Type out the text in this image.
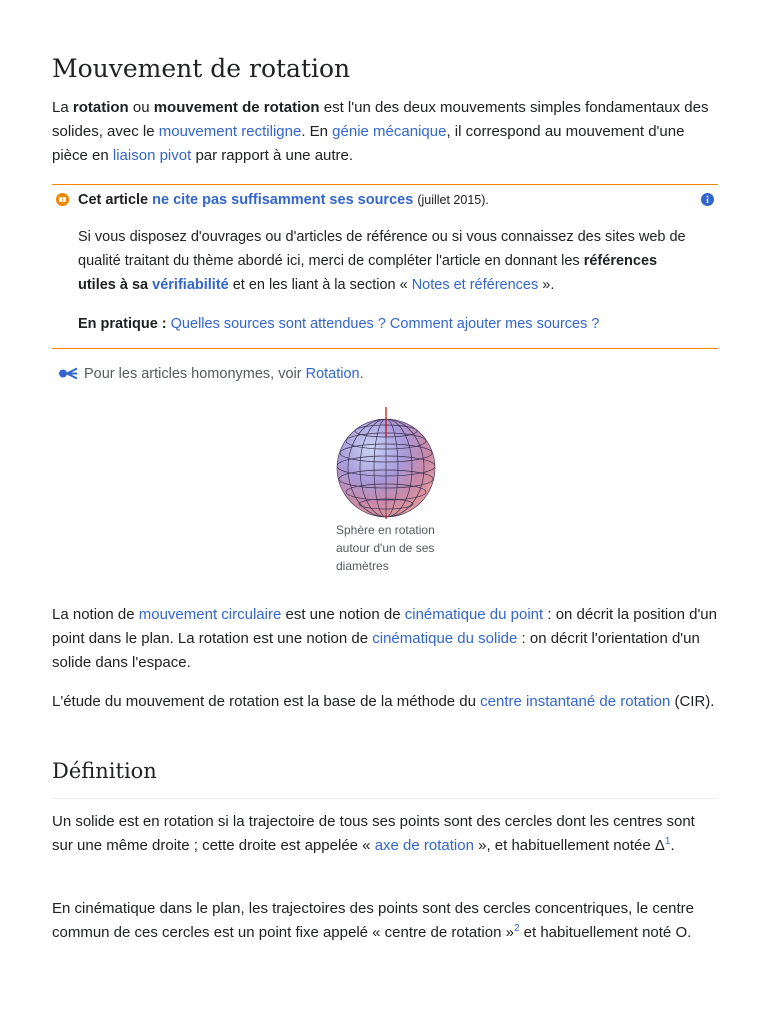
Mouvement de rotation

La rotation ou mouvement de rotation est l'un des deux mouvements simples fondamentaux des solides, avec le mouvement rectiligne. En génie mécanique, il correspond au mouvement d'une pièce en liaison pivot par rapport à une autre.

Cet article ne cite pas suffisamment ses sources (juillet 2015).
Si vous disposez d'ouvrages ou d'articles de référence ou si vous connaissez des sites web de qualité traitant du thème abordé ici, merci de compléter l'article en donnant les références utiles à sa vérifiabilité et en les liant à la section « Notes et références ».
En pratique : Quelles sources sont attendues ? Comment ajouter mes sources ?
Pour les articles homonymes, voir Rotation.
Sphère en rotation autour d'un de ses diamètres

La notion de mouvement circulaire est une notion de cinématique du point : on décrit la position d'un point dans le plan. La rotation est une notion de cinématique du solide : on décrit l'orientation d'un solide dans l'espace.

L'étude du mouvement de rotation est la base de la méthode du centre instantané de rotation (CIR).

Définition

Un solide est en rotation si la trajectoire de tous ses points sont des cercles dont les centres sont sur une même droite ; cette droite est appelée « axe de rotation », et habituellement notée Δ$^1$.

En cinématique dans le plan, les trajectoires des points sont des cercles concentriques, le centre commun de ces cercles est un point fixe appelé « centre de rotation »$^2$ et habituellement noté O.
